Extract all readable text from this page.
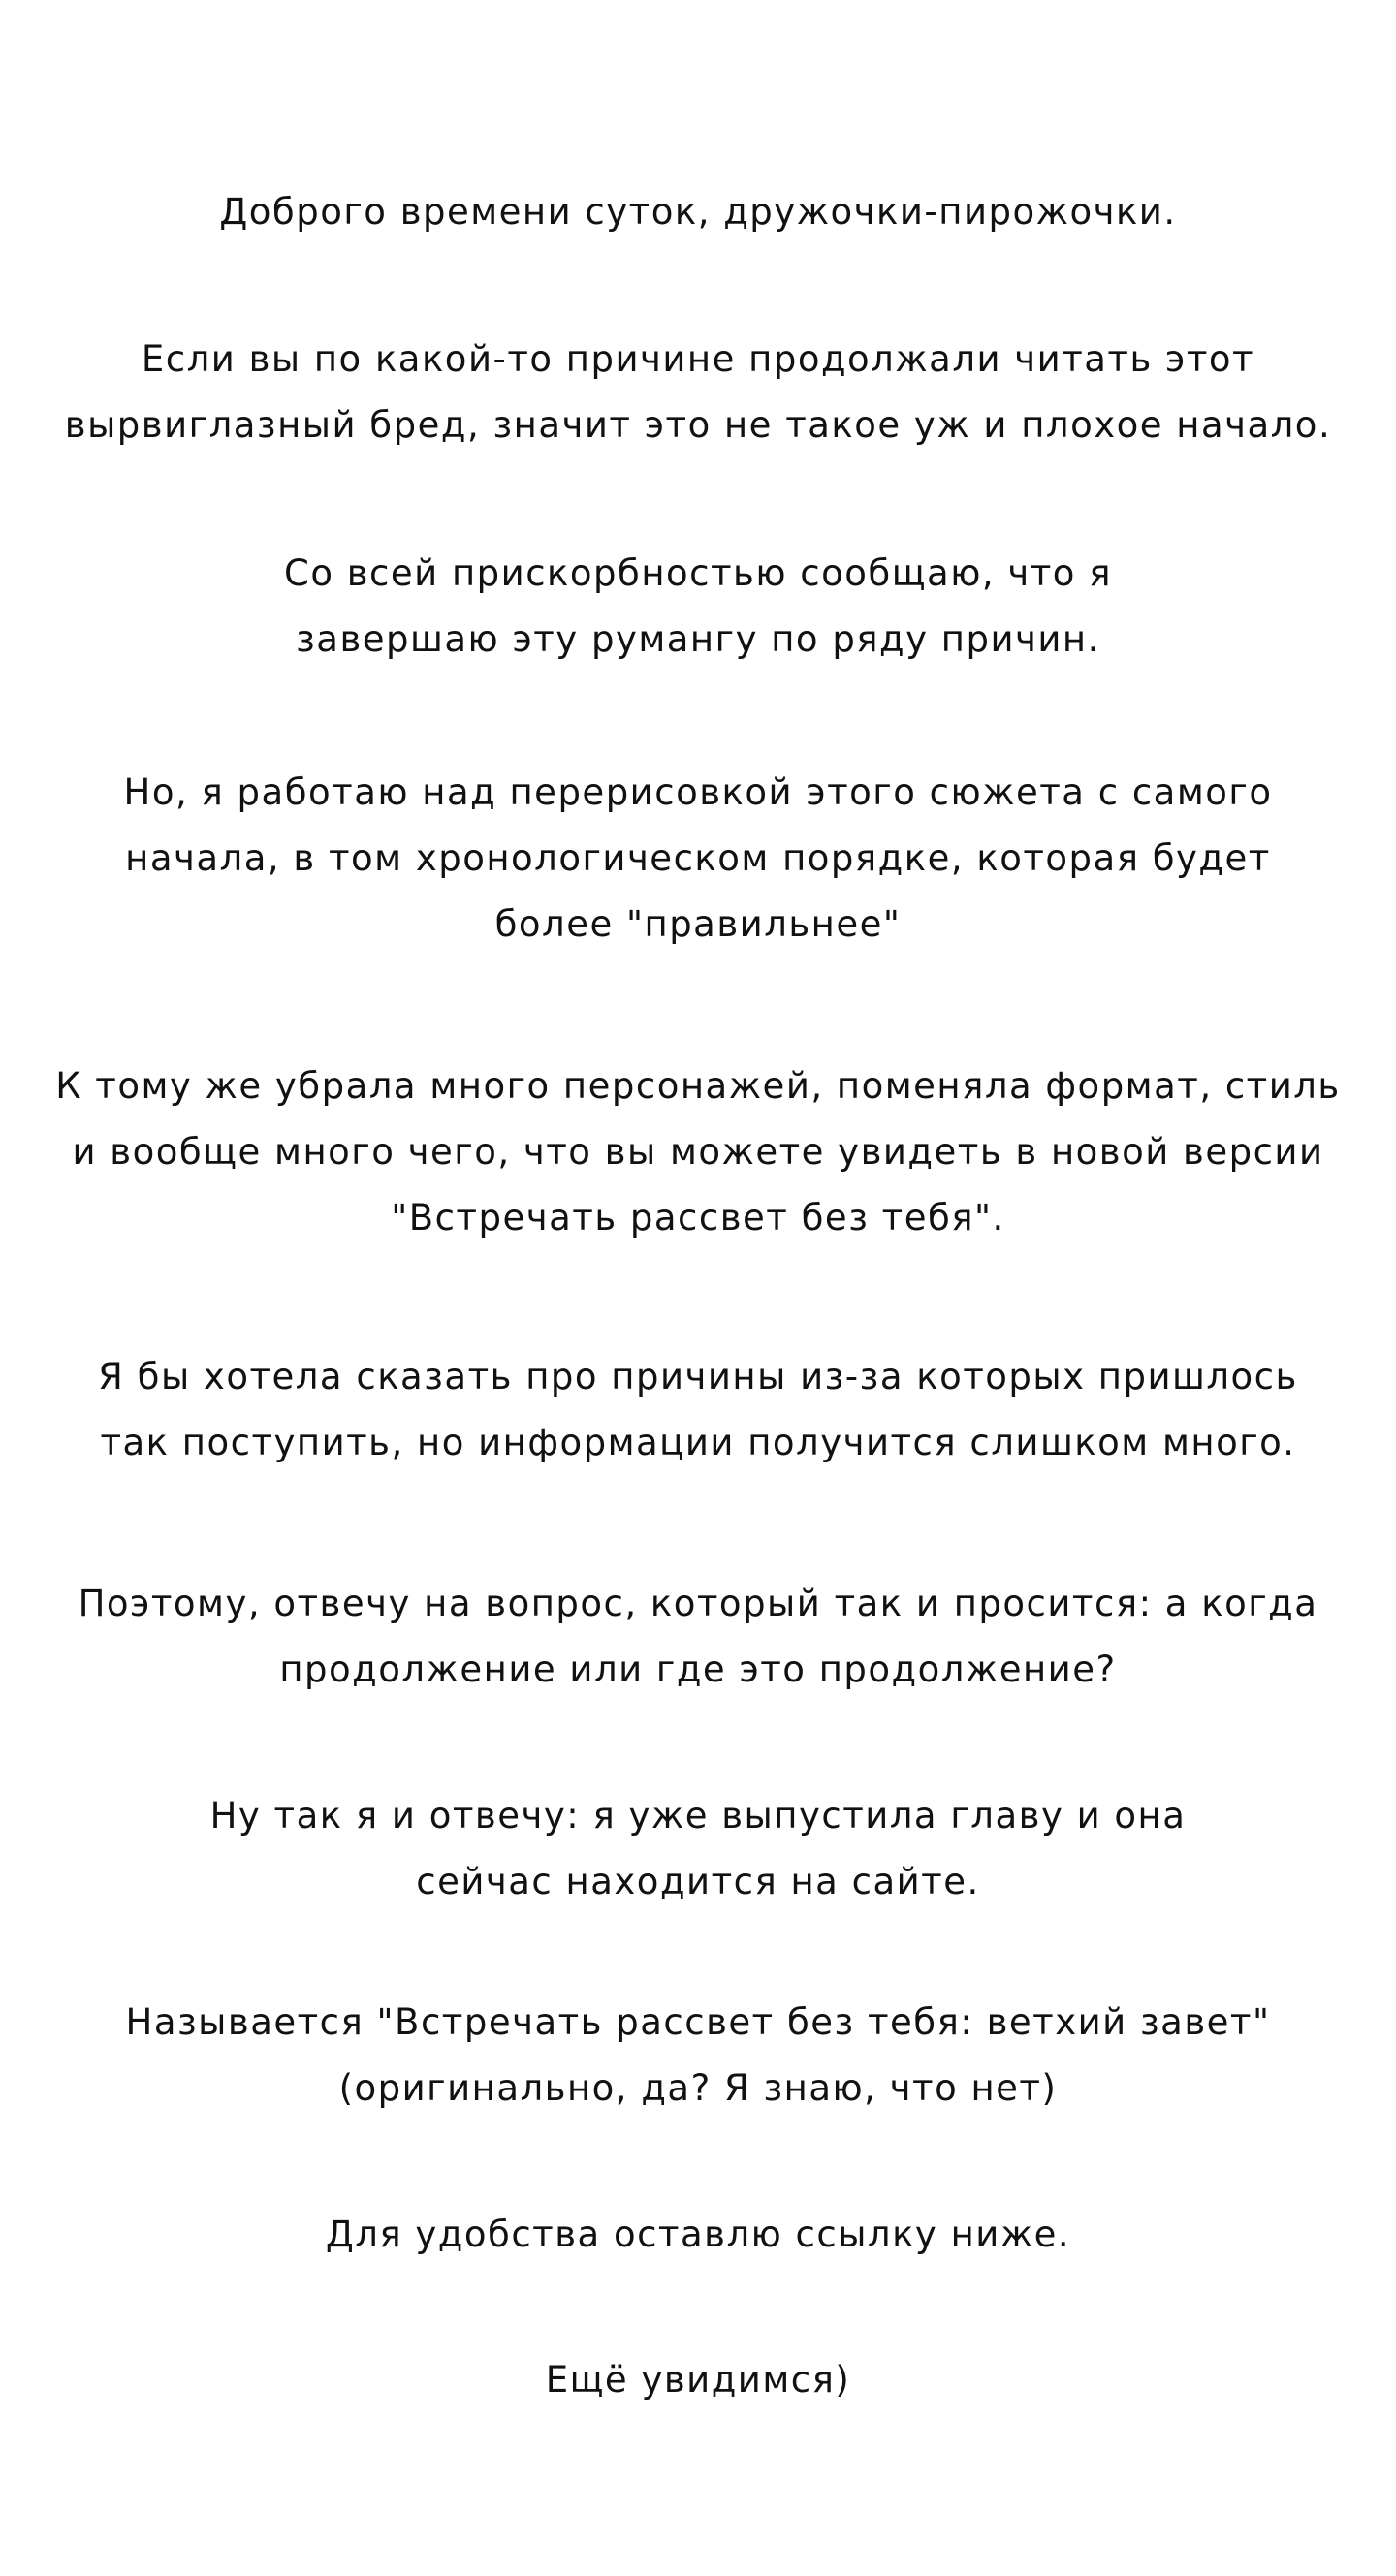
Доброго времени суток, дружочки-пирожочки.

Если вы по какой-то причине продолжали читать этот
вырвиглазный бред, значит это не такое уж и плохое начало.

Со всей прискорбностью сообщаю, что я
завершаю эту румангу по ряду причин.

Но, я работаю над перерисовкой этого сюжета с самого
начала, в том хронологическом порядке, которая будет
более "правильнее"

К тому же убрала много персонажей, поменяла формат, стиль
и вообще много чего, что вы можете увидеть в новой версии
"Встречать рассвет без тебя".

Я бы хотела сказать про причины из-за которых пришлось
так поступить, но информации получится слишком много.

Поэтому, отвечу на вопрос, который так и просится: а когда
продолжение или где это продолжение?

Ну так я и отвечу: я уже выпустила главу и она
сейчас находится на сайте.

Называется "Встречать рассвет без тебя: ветхий завет"
(оригинально, да? Я знаю, что нет)

Для удобства оставлю ссылку ниже.

Ещё увидимся)
